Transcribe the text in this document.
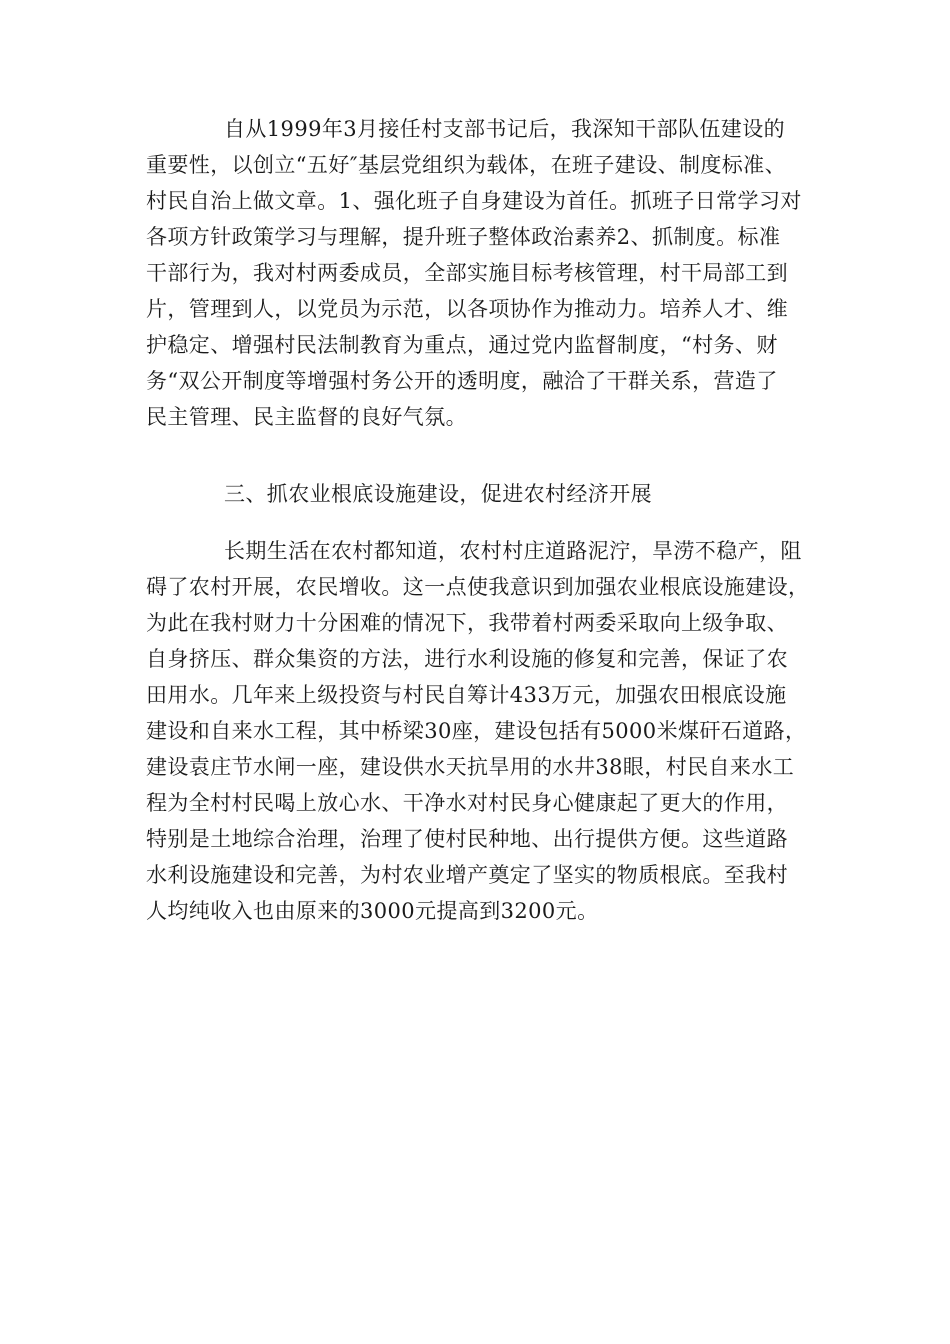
自从1999年3月接任村支部书记后，我深知干部队伍建设的
重要性，以创立“五好″基层党组织为载体，在班子建设、制度标准、
村民自治上做文章。1、强化班子自身建设为首任。抓班子日常学习对
各项方针政策学习与理解，提升班子整体政治素养2、抓制度。标准
干部行为，我对村两委成员，全部实施目标考核管理，村干局部工到
片，管理到人，以党员为示范，以各项协作为推动力。培养人才、维
护稳定、增强村民法制教育为重点，通过党内监督制度，“村务、财
务“双公开制度等增强村务公开的透明度，融洽了干群关系，营造了
民主管理、民主监督的良好气氛。
三、抓农业根底设施建设，促进农村经济开展
长期生活在农村都知道，农村村庄道路泥泞，旱涝不稳产，阻
碍了农村开展，农民增收。这一点使我意识到加强农业根底设施建设，
为此在我村财力十分困难的情况下，我带着村两委采取向上级争取、
自身挤压、群众集资的方法，进行水利设施的修复和完善，保证了农
田用水。几年来上级投资与村民自筹计433万元，加强农田根底设施
建设和自来水工程，其中桥梁30座，建设包括有5000米煤矸石道路，
建设袁庄节水闸一座，建设供水天抗旱用的水井38眼，村民自来水工
程为全村村民喝上放心水、干净水对村民身心健康起了更大的作用，
特别是土地综合治理，治理了使村民种地、出行提供方便。这些道路
水利设施建设和完善，为村农业增产奠定了坚实的物质根底。至我村
人均纯收入也由原来的3000元提高到3200元。
